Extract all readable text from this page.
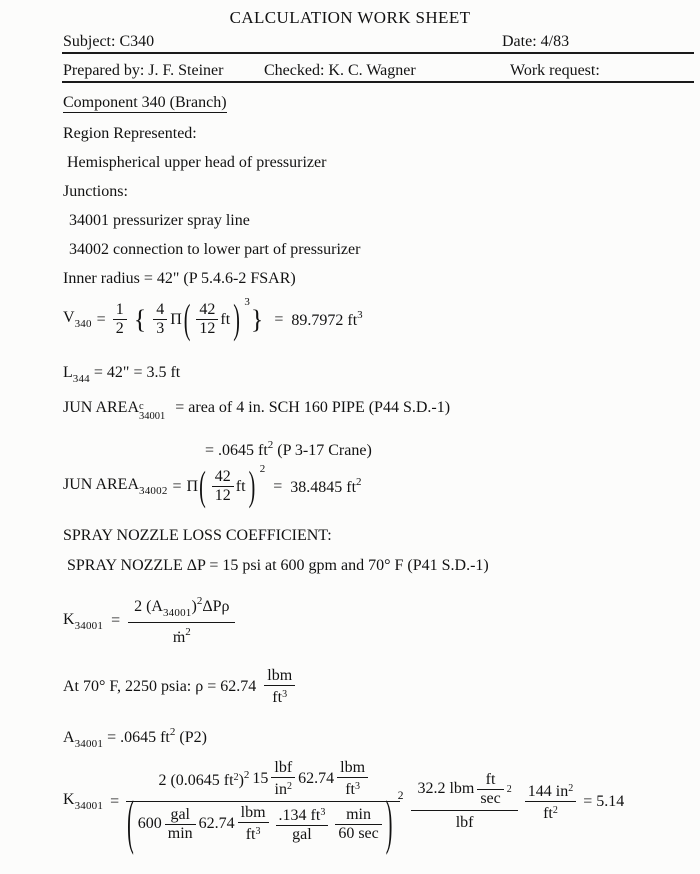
CALCULATION WORK SHEET
Subject: C340	Date: 4/83
Prepared by: J. F. Steiner	Checked: K. C. Wagner	Work request:
Component 340 (Branch)
Region Represented:
Hemispherical upper head of pressurizer
Junctions:
34001 pressurizer spray line
34002 connection to lower part of pressurizer
Inner radius = 42" (P 5.4.6-2 FSAR)
$V_{340} = \frac{1}{2}$ { $\frac{4}{3}$ Π ( $\frac{42}{12}$ ft ) 3
} = 89.7972 $ft^3$
$L_{344} = 42$" = 3.5 ft
JUN AREA c
34001
= area of 4 in. SCH 160 PIPE (P44 S.D.-1)
= .0645 $ft^2$ (P 3-17 Crane)
JUN $AREA_{34002} = \Pi$ ( $\frac{42}{12}$ ft ) 2
= 38.4845 $ft^2$
SPRAY NOZZLE LOSS COEFFICIENT:
SPRAY NOZZLE ΔP = 15 psi at 600 gpm and 70° F (P41 S.D.-1)
$K_{34001}$ =
2 $(A_{34001})^2\Delta P\rho$
ṁ$^2$
At 70° F, 2250 psia: $\rho = 62.74 \frac{\text{lbm}}{ft^3}$
$A_{34001} = .0645$ $ft^2$ (P2)
$K_{34001}$ =
2 (0.0645 $ft^2)^2$ $15 \frac{\text{lbf}}{in^2} 62.74 \frac{\text{lbm}}{ft^3}$
( $600 \frac{\text{gal}}{\min} 62.74 \frac{\text{lbm}}{ft^3} \frac{.134 ft^3}{\text{gal}} \frac{\min}{60 \sec}$ ) 2 32.2 lbm $\frac{ft}{\sec} 2$
lbf	$\frac{144 in^2}{ft^2} = 5.14$
